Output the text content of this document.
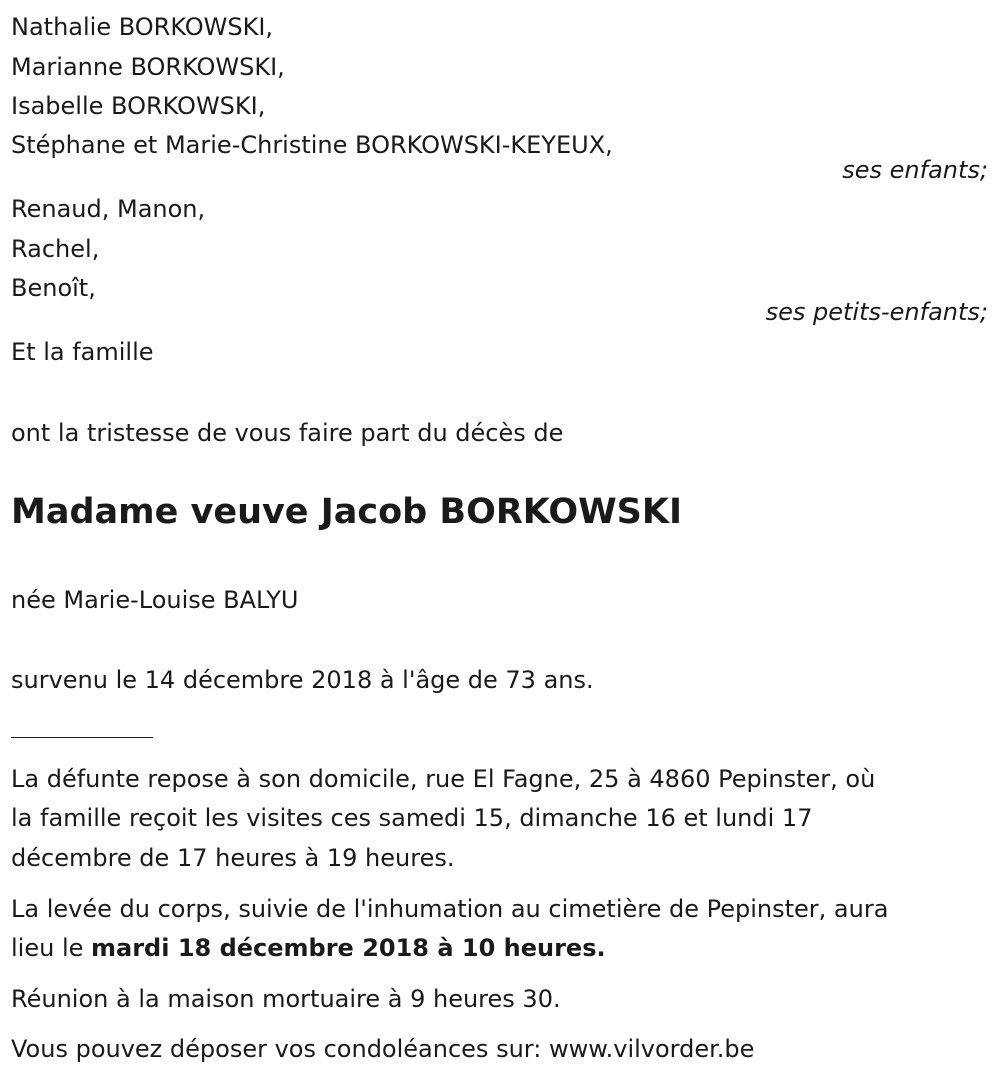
Nathalie BORKOWSKI,
Marianne BORKOWSKI,
Isabelle BORKOWSKI,
Stéphane et Marie-Christine BORKOWSKI-KEYEUX,
ses enfants;
Renaud, Manon,
Rachel,
Benoît,
ses petits-enfants;
Et la famille
ont la tristesse de vous faire part du décès de
Madame veuve Jacob BORKOWSKI
née Marie-Louise BALYU
survenu le 14 décembre 2018 à l'âge de 73 ans.
La défunte repose à son domicile, rue El Fagne, 25 à 4860 Pepinster, où
la famille reçoit les visites ces samedi 15, dimanche 16 et lundi 17
décembre de 17 heures à 19 heures.
La levée du corps, suivie de l'inhumation au cimetière de Pepinster, aura
lieu le mardi 18 décembre 2018 à 10 heures.
Réunion à la maison mortuaire à 9 heures 30.
Vous pouvez déposer vos condoléances sur: www.vilvorder.be
